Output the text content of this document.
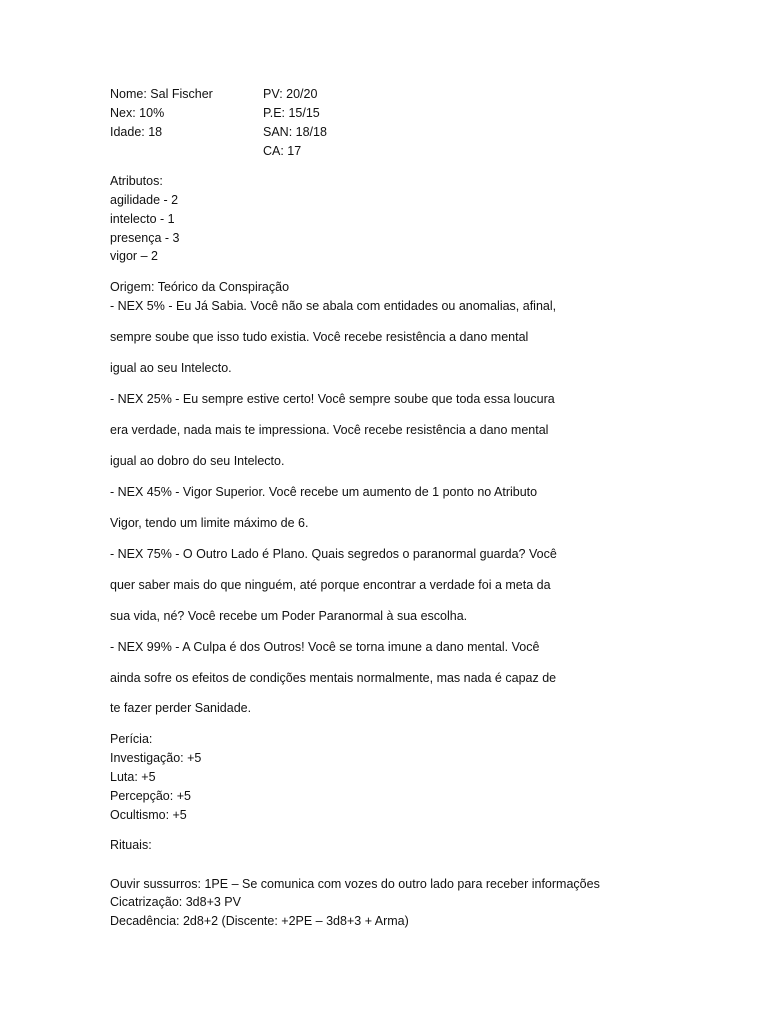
Nome: Sal Fischer
Nex: 10%
Idade: 18
PV: 20/20
P.E: 15/15
SAN: 18/18
CA: 17
Atributos:
agilidade - 2
intelecto - 1
presença - 3
vigor – 2
Origem: Teórico da Conspiração
- NEX 5% - Eu Já Sabia. Você não se abala com entidades ou anomalias, afinal,
sempre soube que isso tudo existia. Você recebe resistência a dano mental
igual ao seu Intelecto.
- NEX 25% - Eu sempre estive certo! Você sempre soube que toda essa loucura
era verdade, nada mais te impressiona. Você recebe resistência a dano mental
igual ao dobro do seu Intelecto.
- NEX 45% - Vigor Superior. Você recebe um aumento de 1 ponto no Atributo
Vigor, tendo um limite máximo de 6.
- NEX 75% - O Outro Lado é Plano. Quais segredos o paranormal guarda? Você
quer saber mais do que ninguém, até porque encontrar a verdade foi a meta da
sua vida, né? Você recebe um Poder Paranormal à sua escolha.
- NEX 99% - A Culpa é dos Outros! Você se torna imune a dano mental. Você
ainda sofre os efeitos de condições mentais normalmente, mas nada é capaz de
te fazer perder Sanidade.
Perícia:
Investigação: +5
Luta: +5
Percepção: +5
Ocultismo: +5
Rituais:
Ouvir sussurros: 1PE – Se comunica com vozes do outro lado para receber informações
Cicatrização: 3d8+3 PV
Decadência: 2d8+2 (Discente: +2PE – 3d8+3 + Arma)
